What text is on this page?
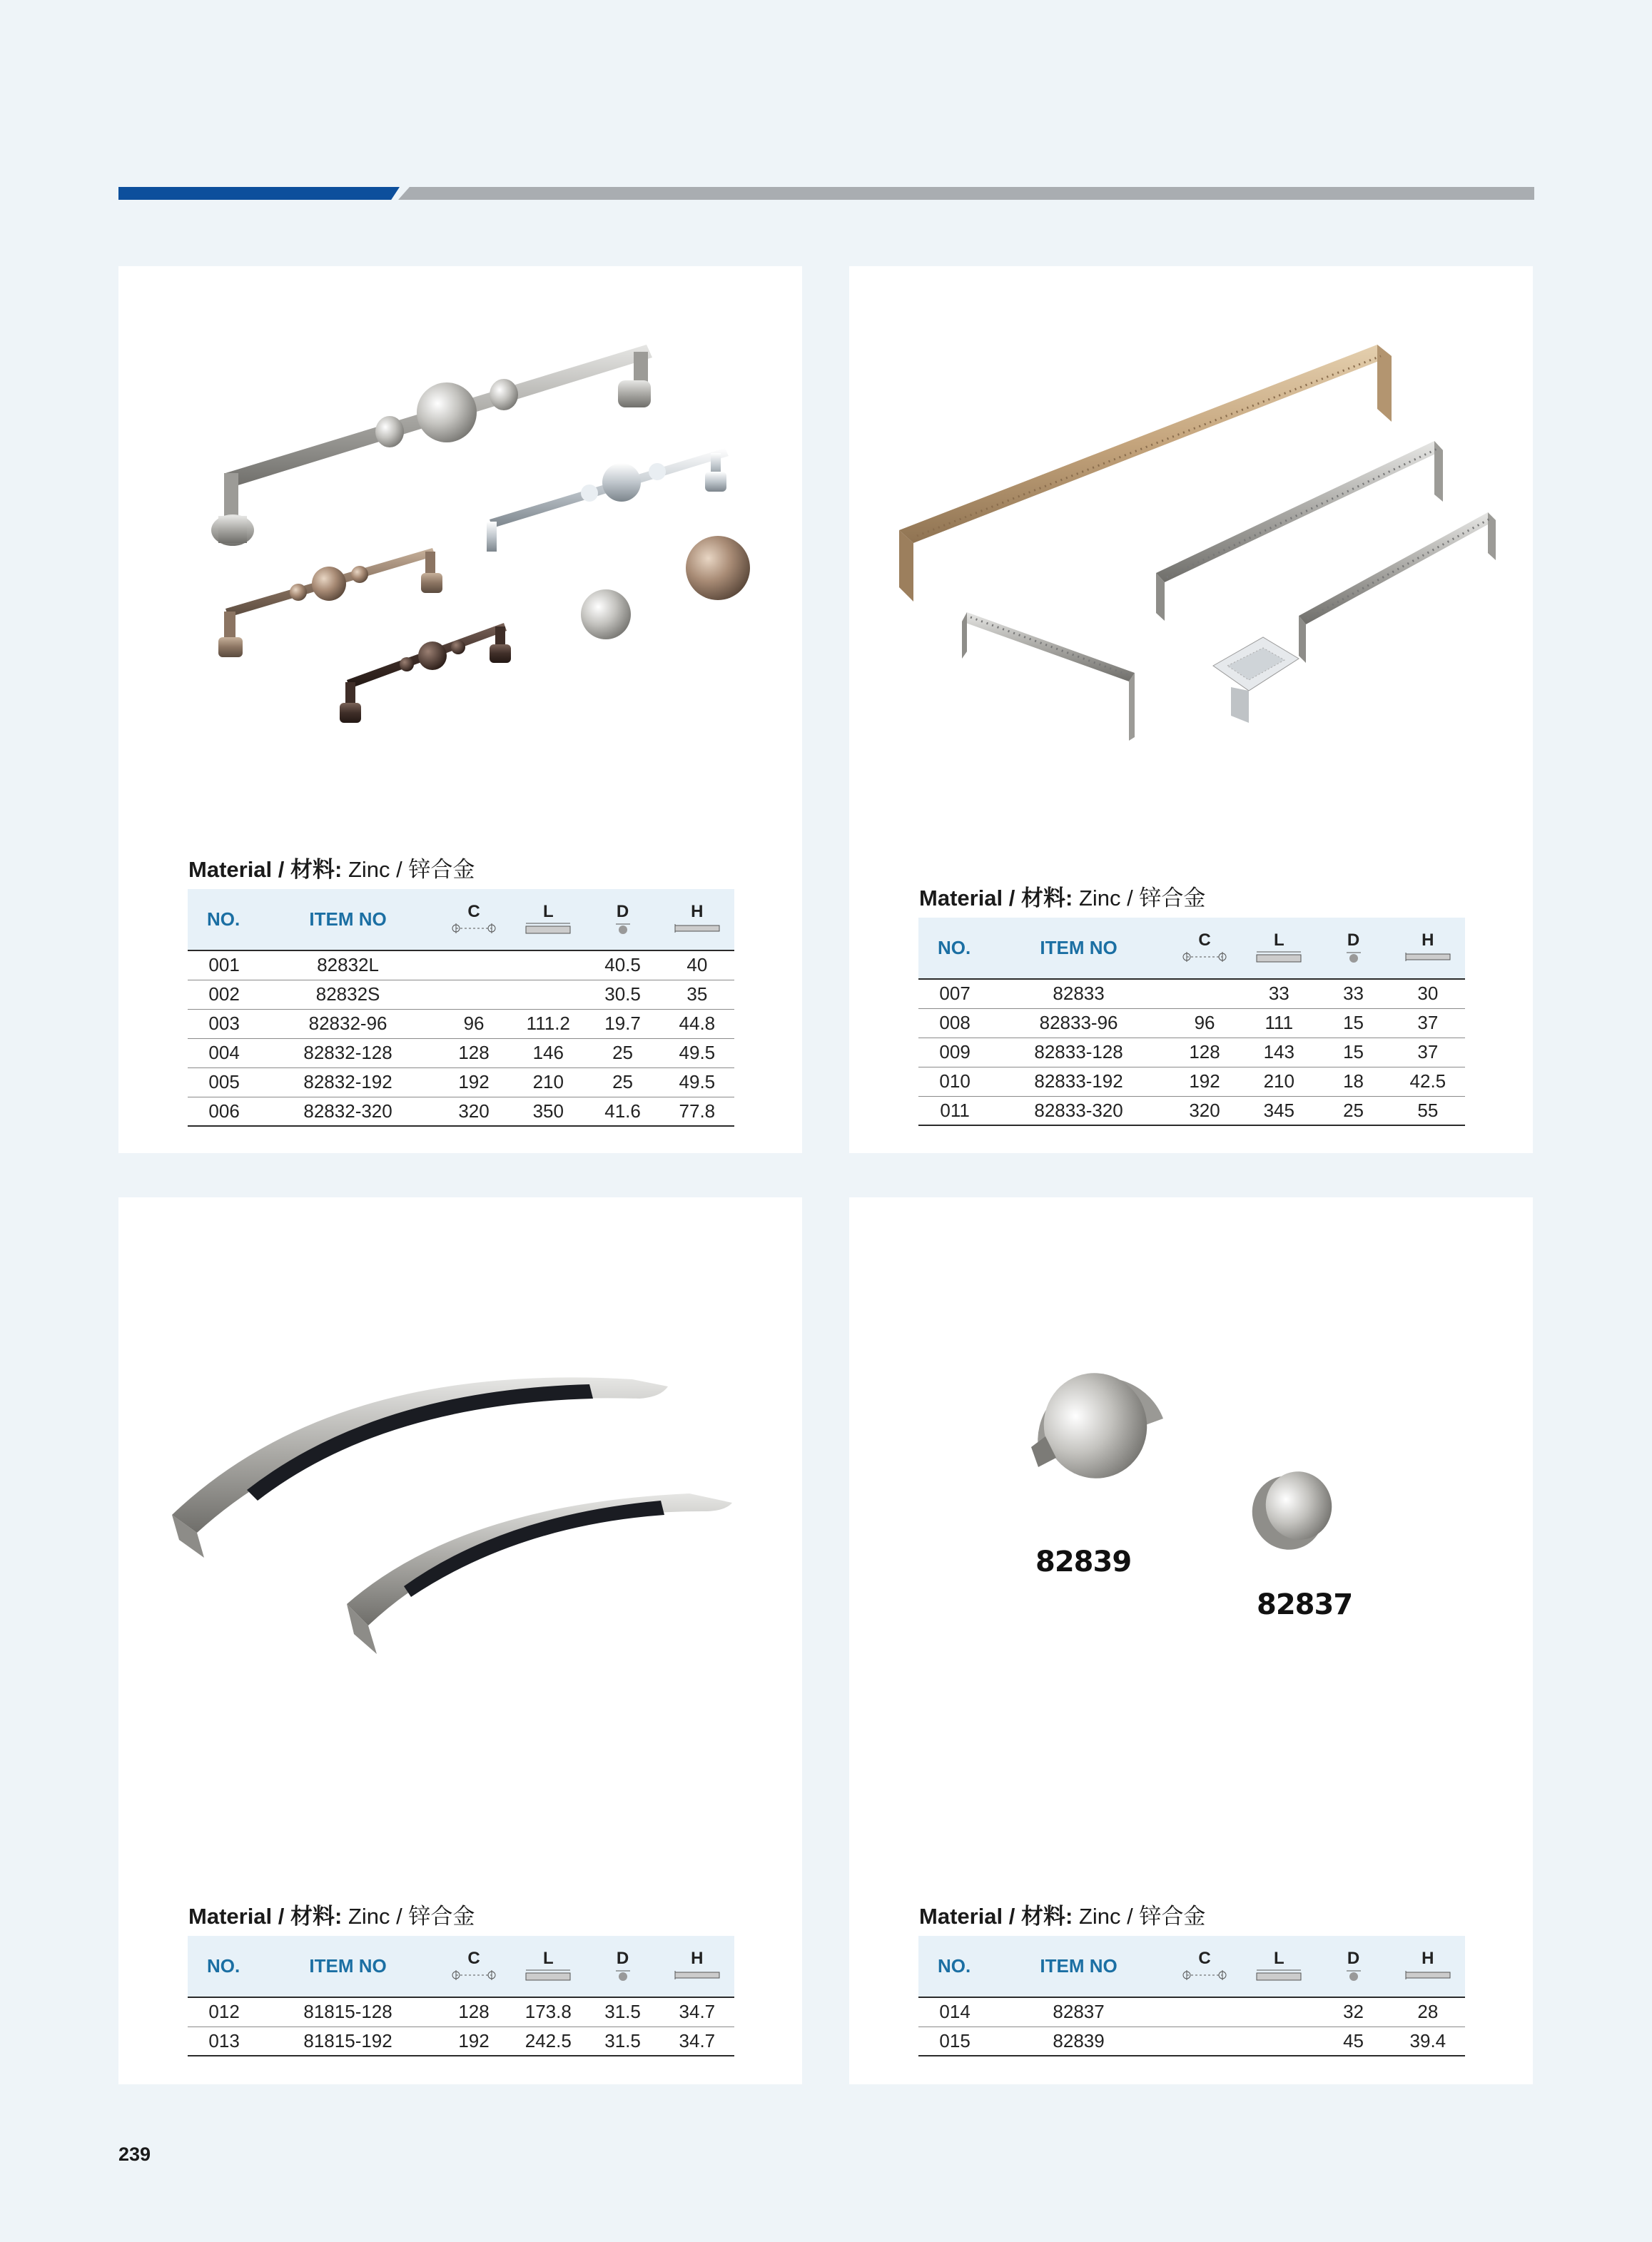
Material / 材料: Zinc / 锌合金
NO.	ITEM NO	C	L	D	H

001	82832L			40.5	40
002	82832S			30.5	35
003	82832-96	96	111.2	19.7	44.8
004	82832-128	128	146	25	49.5
005	82832-192	192	210	25	49.5
006	82832-320	320	350	41.6	77.8
Material / 材料: Zinc / 锌合金
NO.	ITEM NO	C	L	D	H

007	82833		33	33	30
008	82833-96	96	111	15	37
009	82833-128	128	143	15	37
010	82833-192	192	210	18	42.5
011	82833-320	320	345	25	55
Material / 材料: Zinc / 锌合金
NO.	ITEM NO	C	L	D	H

012	81815-128	128	173.8	31.5	34.7
013	81815-192	192	242.5	31.5	34.7
82839
82837
Material / 材料: Zinc / 锌合金
NO.	ITEM NO	C	L	D	H

014	82837			32	28
015	82839			45	39.4
239
